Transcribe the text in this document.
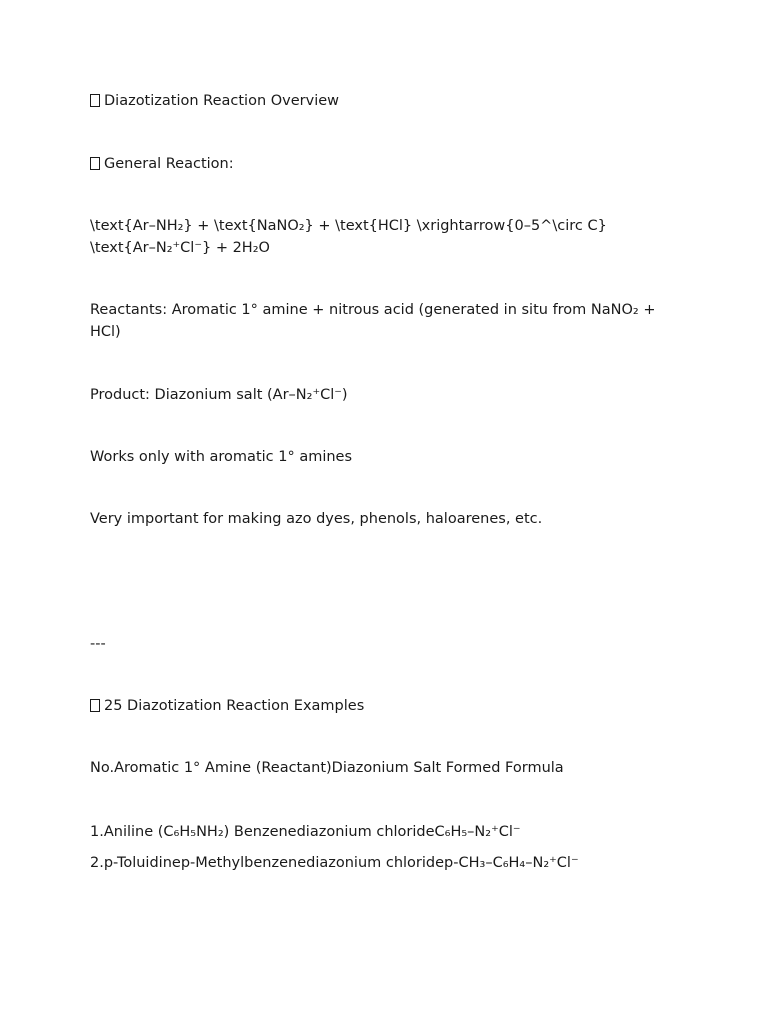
Diazotization Reaction Overview

General Reaction:

\text{Ar–NH₂} + \text{NaNO₂} + \text{HCl} \xrightarrow{0–5^\circ C} \text{Ar–N₂⁺Cl⁻} + 2H₂O

Reactants: Aromatic 1° amine + nitrous acid (generated in situ from NaNO₂ + HCl)

Product: Diazonium salt (Ar–N₂⁺Cl⁻)

Works only with aromatic 1° amines

Very important for making azo dyes, phenols, haloarenes, etc.

---

25 Diazotization Reaction Examples

No.Aromatic 1° Amine (Reactant)Diazonium Salt Formed Formula

1.Aniline (C₆H₅NH₂) Benzenediazonium chlorideC₆H₅–N₂⁺Cl⁻

2.p-Toluidinep-Methylbenzenediazonium chloridep-CH₃–C₆H₄–N₂⁺Cl⁻
